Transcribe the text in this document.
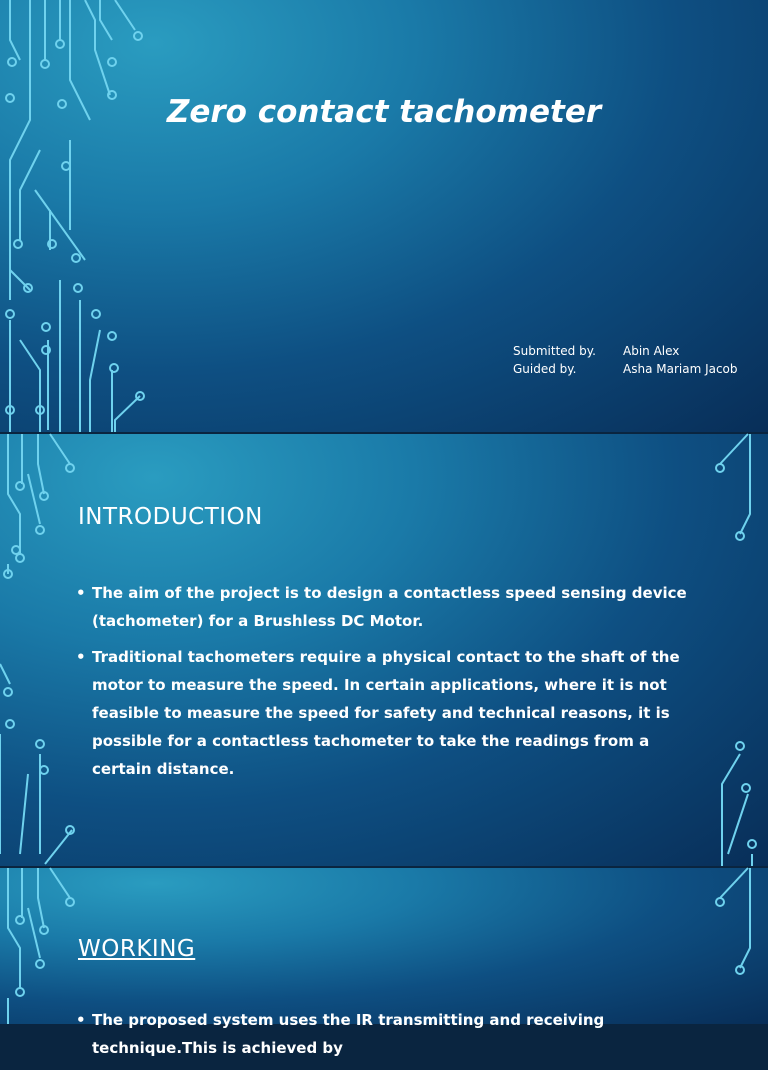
Zero contact tachometer
Submitted by.	Abin Alex
Guided by.	Asha Mariam Jacob
INTRODUCTION
• The aim of the project is to design a contactless speed sensing device (tachometer) for a Brushless DC Motor.
• Traditional tachometers require a physical contact to the shaft of the motor to measure the speed. In certain applications, where it is not feasible to measure the speed for safety and technical reasons, it is possible for a contactless tachometer to take the readings from a certain distance.
WORKING
• The proposed system uses the IR transmitting and receiving technique.This is achieved by
